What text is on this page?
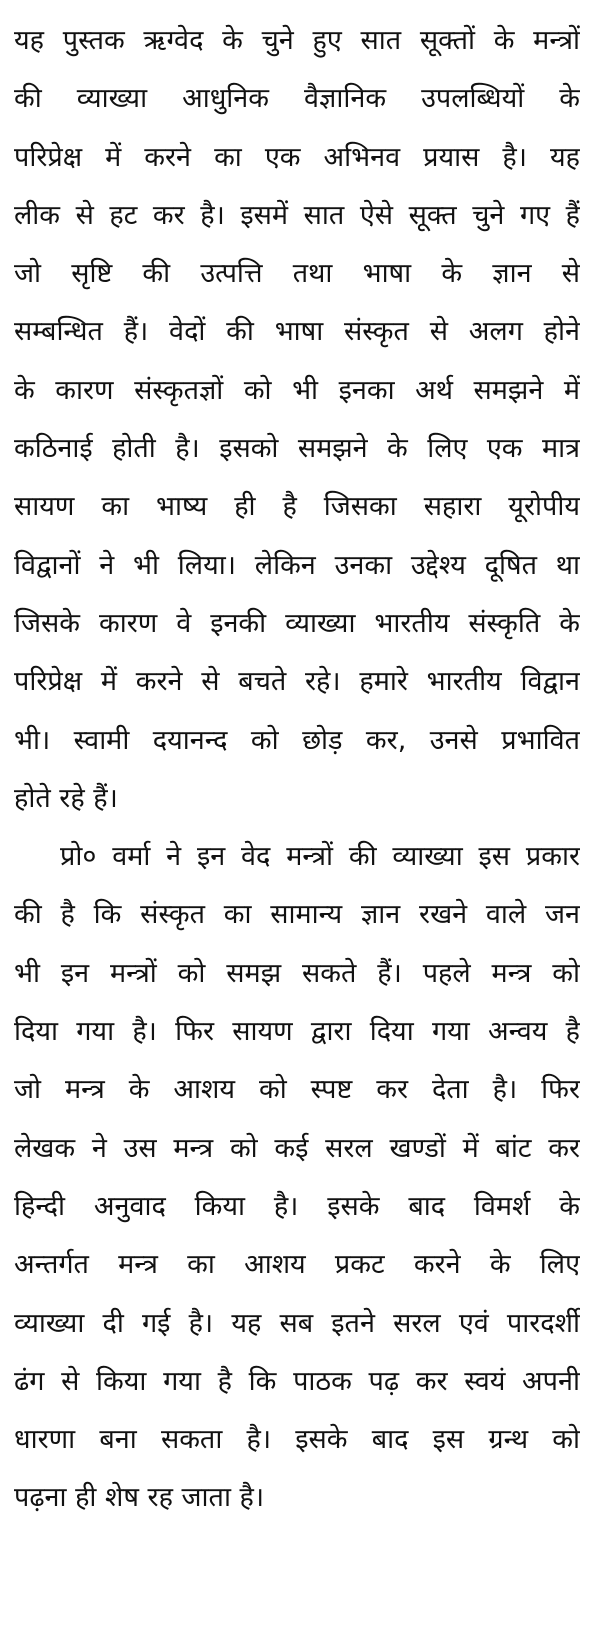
यह पुस्तक ऋग्वेद के चुने हुए सात सूक्तों के मन्त्रों
की व्याख्या आधुनिक वैज्ञानिक उपलब्धियों के
परिप्रेक्ष में करने का एक अभिनव प्रयास है। यह
लीक से हट कर है। इसमें सात ऐसे सूक्त चुने गए हैं
जो सृष्टि की उत्पत्ति तथा भाषा के ज्ञान से
सम्बन्धित हैं। वेदों की भाषा संस्कृत से अलग होने
के कारण संस्कृतज्ञों को भी इनका अर्थ समझने में
कठिनाई होती है। इसको समझने के लिए एक मात्र
सायण का भाष्य ही है जिसका सहारा यूरोपीय
विद्वानों ने भी लिया। लेकिन उनका उद्देश्य दूषित था
जिसके कारण वे इनकी व्याख्या भारतीय संस्कृति के
परिप्रेक्ष में करने से बचते रहे। हमारे भारतीय विद्वान
भी। स्वामी दयानन्द को छोड़ कर, उनसे प्रभावित
होते रहे हैं।
प्रो० वर्मा ने इन वेद मन्त्रों की व्याख्या इस प्रकार
की है कि संस्कृत का सामान्य ज्ञान रखने वाले जन
भी इन मन्त्रों को समझ सकते हैं। पहले मन्त्र को
दिया गया है। फिर सायण द्वारा दिया गया अन्वय है
जो मन्त्र के आशय को स्पष्ट कर देता है। फिर
लेखक ने उस मन्त्र को कई सरल खण्डों में बांट कर
हिन्दी अनुवाद किया है। इसके बाद विमर्श के
अन्तर्गत मन्त्र का आशय प्रकट करने के लिए
व्याख्या दी गई है। यह सब इतने सरल एवं पारदर्शी
ढंग से किया गया है कि पाठक पढ़ कर स्वयं अपनी
धारणा बना सकता है। इसके बाद इस ग्रन्थ को
पढ़ना ही शेष रह जाता है।
